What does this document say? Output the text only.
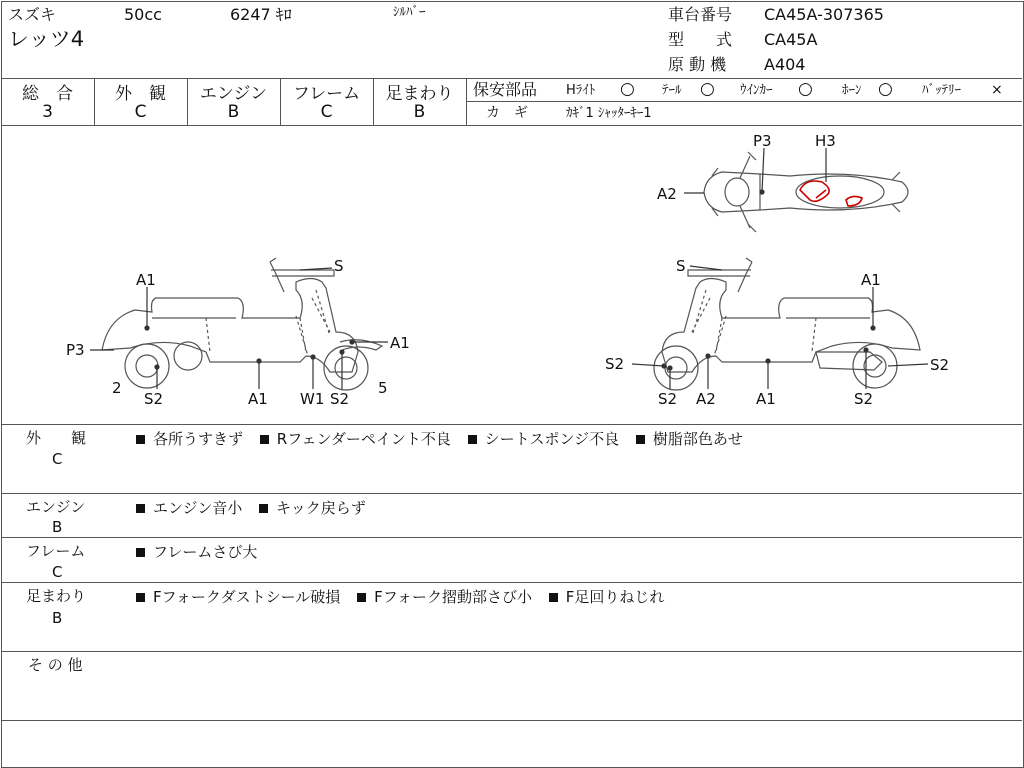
スズキ	50cc	6247 ｷﾛ	ｼﾙﾊﾞｰ
レッツ4
車台番号 CA45A-307365
型　　式 CA45A
原 動 機 A404
総　合
3
外　観
C
エンジン
B
フレーム
C
足まわり
B
保安部品 Hﾗｲﾄ ○ ﾃｰﾙ ○ ｳｲﾝｶｰ ○ ﾎｰﾝ ○ ﾊﾞｯﾃﾘｰ ×
カ　ギ	ｶｷﾞ1 ｼｬｯﾀｰｷｰ1
S
A1
A1
P3
2
S2	A1 W1 S2
5
S
A1
S2
S2 A2	A1
S2
S2
P3	H3
A2
外　　観
C
各所うすきず Rフェンダーペイント不良 シートスポンジ不良 樹脂部色あせ
エンジン
B
エンジン音小 キック戻らず
フレーム
C
フレームさび大
足まわり
B
Fフォークダストシール破損 Fフォーク摺動部さび小 F足回りねじれ
そ の 他
